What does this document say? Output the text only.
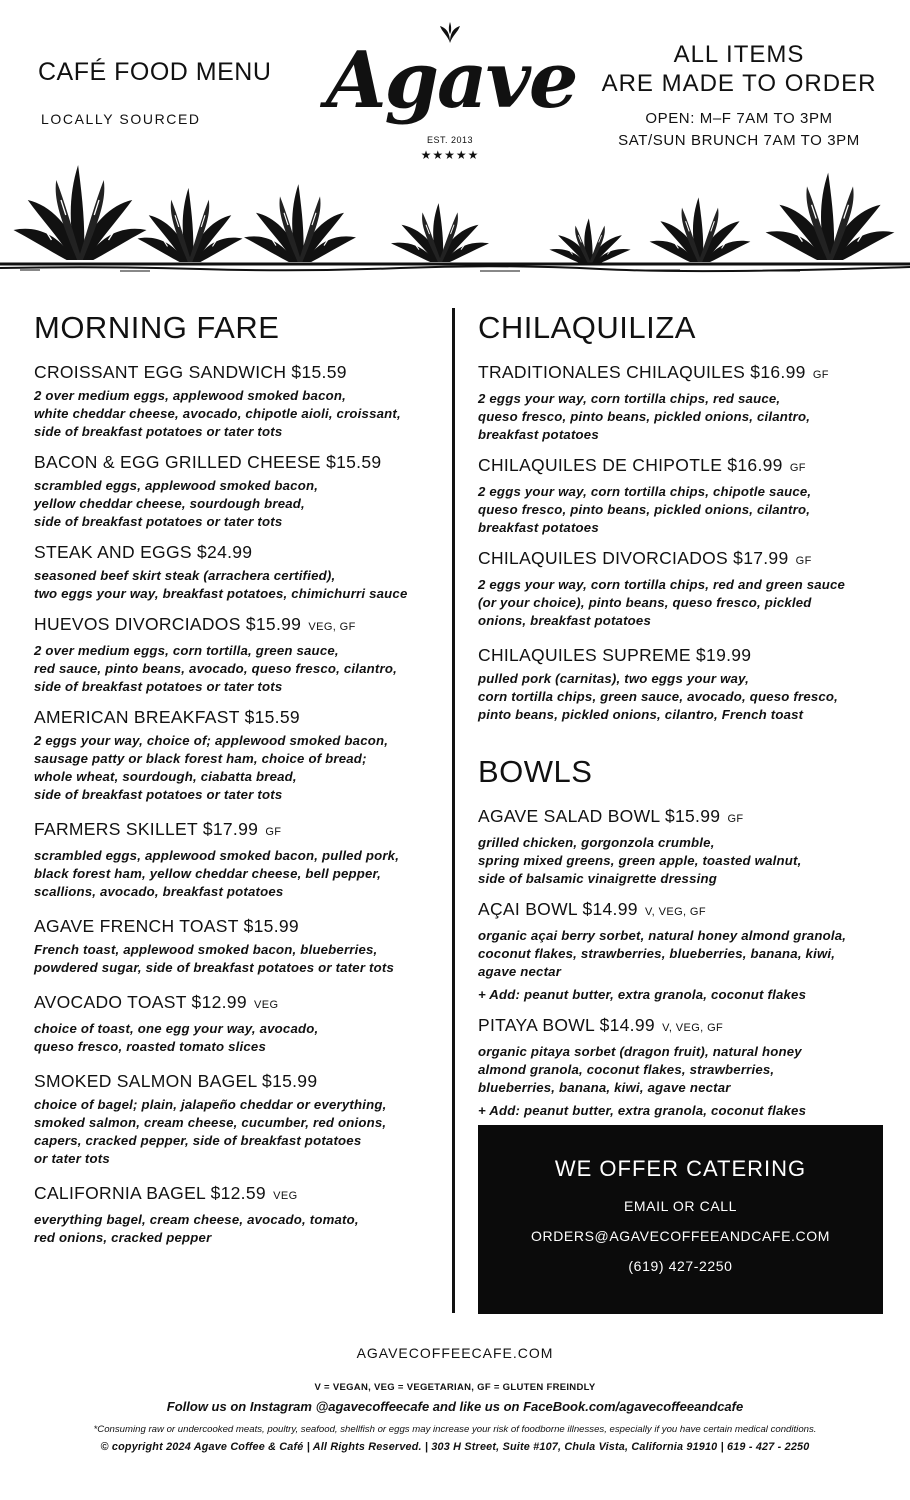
CAFÉ FOOD MENU
LOCALLY SOURCED	Agave
EST. 2013
★★★★★
ALL ITEMS
ARE MADE TO ORDER
OPEN: M–F 7AM TO 3PM
SAT/SUN BRUNCH 7AM TO 3PM
MORNING FARE
CROISSANT EGG SANDWICH $15.59
2 over medium eggs, applewood smoked bacon,
white cheddar cheese, avocado, chipotle aioli, croissant,
side of breakfast potatoes or tater tots
BACON & EGG GRILLED CHEESE $15.59
scrambled eggs, applewood smoked bacon,
yellow cheddar cheese, sourdough bread,
side of breakfast potatoes or tater tots
STEAK AND EGGS $24.99
seasoned beef skirt steak (arrachera certified),
two eggs your way, breakfast potatoes, chimichurri sauce
HUEVOS DIVORCIADOS $15.99 VEG, GF
2 over medium eggs, corn tortilla, green sauce,
red sauce, pinto beans, avocado, queso fresco, cilantro,
side of breakfast potatoes or tater tots
AMERICAN BREAKFAST $15.59
2 eggs your way, choice of; applewood smoked bacon,
sausage patty or black forest ham, choice of bread;
whole wheat, sourdough, ciabatta bread,
side of breakfast potatoes or tater tots
FARMERS SKILLET $17.99 GF
scrambled eggs, applewood smoked bacon, pulled pork,
black forest ham, yellow cheddar cheese, bell pepper,
scallions, avocado, breakfast potatoes
AGAVE FRENCH TOAST $15.99
French toast, applewood smoked bacon, blueberries,
powdered sugar, side of breakfast potatoes or tater tots
AVOCADO TOAST $12.99 VEG
choice of toast, one egg your way, avocado,
queso fresco, roasted tomato slices
SMOKED SALMON BAGEL $15.99
choice of bagel; plain, jalapeño cheddar or everything,
smoked salmon, cream cheese, cucumber, red onions,
capers, cracked pepper, side of breakfast potatoes
or tater tots
CALIFORNIA BAGEL $12.59 VEG
everything bagel, cream cheese, avocado, tomato,
red onions, cracked pepper
CHILAQUILIZA
TRADITIONALES CHILAQUILES $16.99 GF
2 eggs your way, corn tortilla chips, red sauce,
queso fresco, pinto beans, pickled onions, cilantro,
breakfast potatoes
CHILAQUILES DE CHIPOTLE $16.99 GF
2 eggs your way, corn tortilla chips, chipotle sauce,
queso fresco, pinto beans, pickled onions, cilantro,
breakfast potatoes
CHILAQUILES DIVORCIADOS $17.99 GF
2 eggs your way, corn tortilla chips, red and green sauce
(or your choice), pinto beans, queso fresco, pickled
onions, breakfast potatoes
CHILAQUILES SUPREME $19.99
pulled pork (carnitas), two eggs your way,
corn tortilla chips, green sauce, avocado, queso fresco,
pinto beans, pickled onions, cilantro, French toast
BOWLS
AGAVE SALAD BOWL $15.99 GF
grilled chicken, gorgonzola crumble,
spring mixed greens, green apple, toasted walnut,
side of balsamic vinaigrette dressing
AÇAI BOWL $14.99 V, VEG, GF
organic açai berry sorbet, natural honey almond granola,
coconut flakes, strawberries, blueberries, banana, kiwi,
agave nectar
+ Add: peanut butter, extra granola, coconut flakes
PITAYA BOWL $14.99 V, VEG, GF
organic pitaya sorbet (dragon fruit), natural honey
almond granola, coconut flakes, strawberries,
blueberries, banana, kiwi, agave nectar
+ Add: peanut butter, extra granola, coconut flakes
WE OFFER CATERING
EMAIL OR CALL
ORDERS@AGAVECOFFEEANDCAFE.COM
(619) 427-2250
AGAVECOFFEECAFE.COM
V = VEGAN, VEG = VEGETARIAN, GF = GLUTEN FREINDLY
Follow us on Instagram @agavecoffeecafe and like us on FaceBook.com/agavecoffeeandcafe
*Consuming raw or undercooked meats, poultry, seafood, shellfish or eggs may increase your risk of foodborne illnesses, especially if you have certain medical conditions.
© copyright 2024 Agave Coffee & Café | All Rights Reserved. | 303 H Street, Suite #107, Chula Vista, California 91910 | 619 - 427 - 2250
